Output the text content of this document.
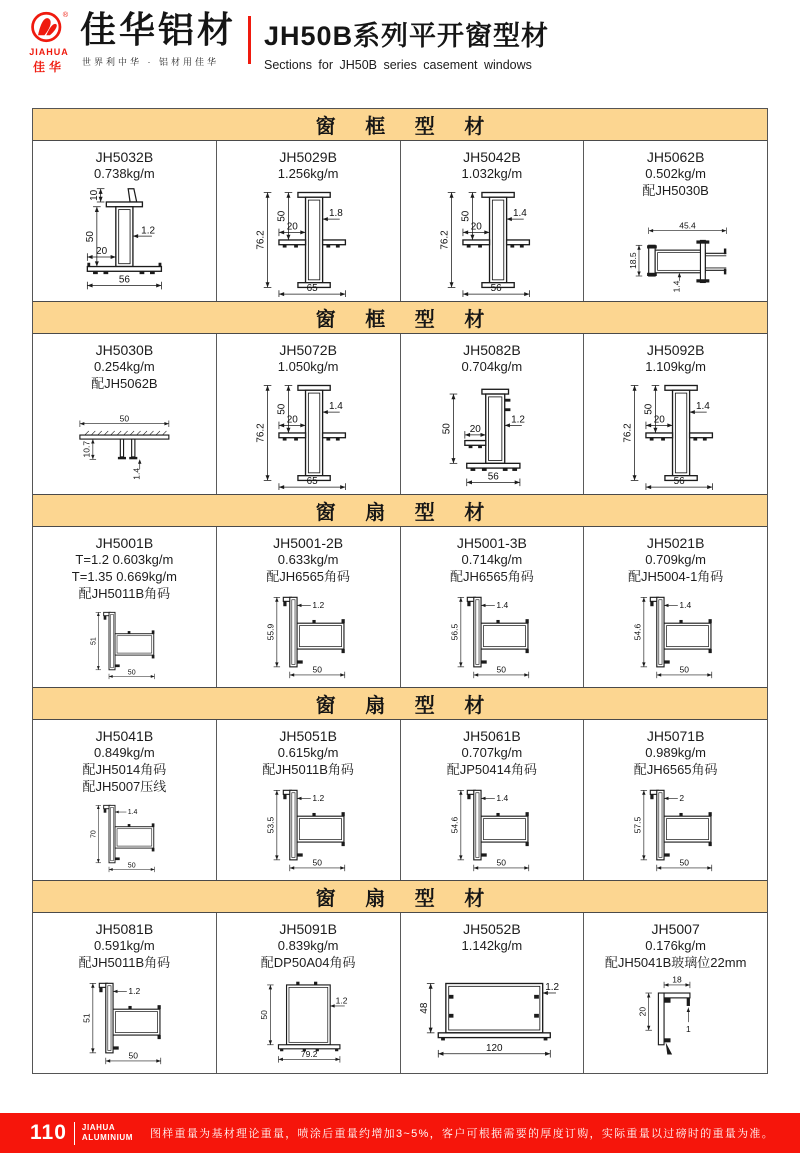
®
JIAHUA
佳华
佳华铝材
世界利中华 · 铝材用佳华
JH50B系列平开窗型材
Sections for JH50B series casement windows
窗 框 型 材
JH5032B
0.738kg/m
10
50
20
1.2
56
JH5029B
1.256kg/m
76.2
50
20
1.8
65
JH5042B
1.032kg/m
76.2
50
20
1.4
56
JH5062B
0.502kg/m
配JH5030B
45.4
18.5
1.4
窗 框 型 材
JH5030B
0.254kg/m
配JH5062B
50
10.7
1.4
JH5072B
1.050kg/m
76.2
50
20
1.4
65
JH5082B
0.704kg/m
50 20
1.2
56
JH5092B
1.109kg/m
76.2
50
20
1.4
56
窗 扇 型 材
JH5001B
T=1.2 0.603kg/m
T=1.35 0.669kg/m
配JH5011B角码
51
50
JH5001-2B
0.633kg/m
配JH6565角码
1.2
55.9
50
JH5001-3B
0.714kg/m
配JH6565角码
1.4
56.5
50
JH5021B
0.709kg/m
配JH5004-1角码
1.4
54.6
50
窗 扇 型 材
JH5041B
0.849kg/m
配JH5014角码
配JH5007压线
1.4
70
50
JH5051B
0.615kg/m
配JH5011B角码
1.2
53.5
50
JH5061B
0.707kg/m
配JP50414角码
1.4
54.6
50
JH5071B
0.989kg/m
配JH6565角码
2
57.5
50
窗 扇 型 材
JH5081B
0.591kg/m
配JH5011B角码
1.2
51
50
JH5091B
0.839kg/m
配DP50A04角码
50
1.2
79.2
JH5052B
1.142kg/m
48
1.2
120
JH5007
0.176kg/m
配JH5041B玻璃位22mm
18
20
1
110 JIAHUA
ALUMINIUM 图样重量为基材理论重量，喷涂后重量约增加3~5%，客户可根据需要的厚度订购，实际重量以过磅时的重量为准。
